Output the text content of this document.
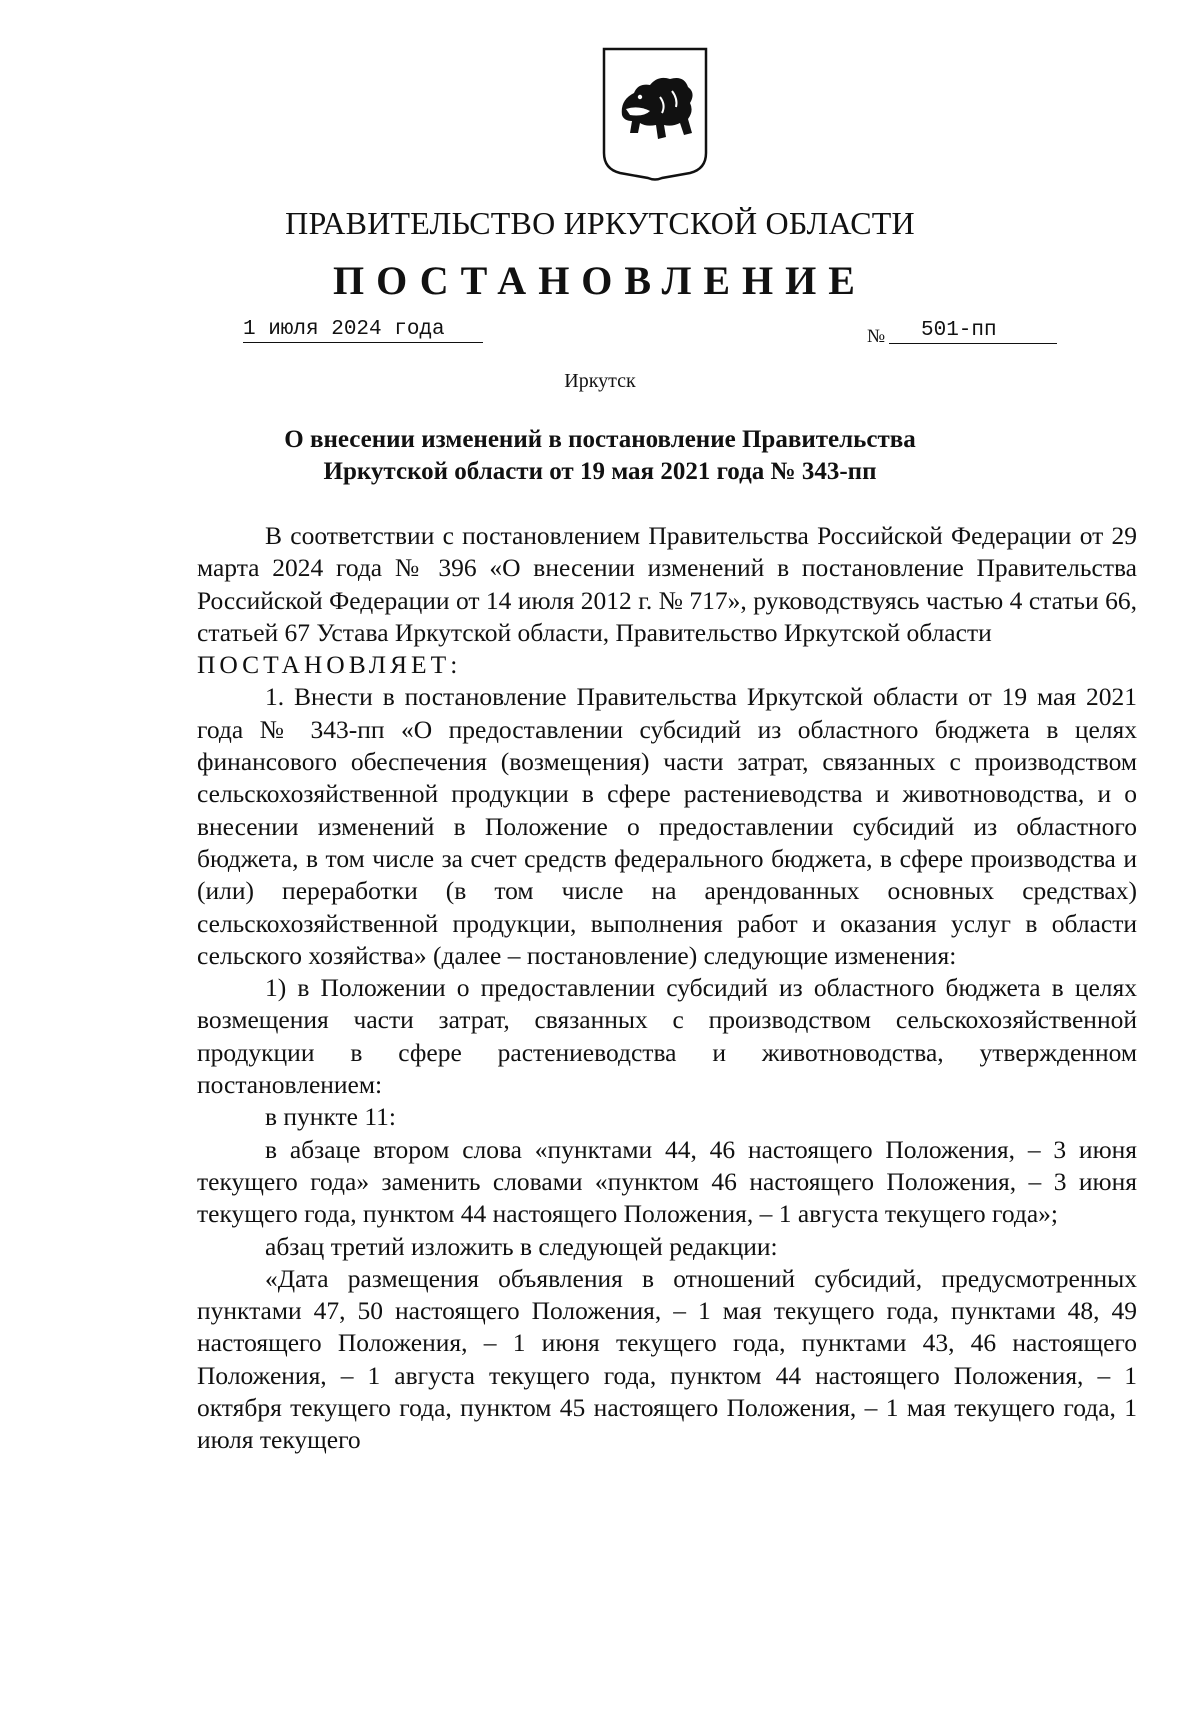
ПРАВИТЕЛЬСТВО ИРКУТСКОЙ ОБЛАСТИ
ПОСТАНОВЛЕНИЕ
1 июля 2024 года	№	501-пп
Иркутск
О внесении изменений в постановление Правительства Иркутской области от 19 мая 2021 года № 343-пп

В соответствии с постановлением Правительства Российской Федерации от 29 марта 2024 года № 396 «О внесении изменений в постановление Правительства Российской Федерации от 14 июля 2012 г. № 717», руководствуясь частью 4 статьи 66, статьей 67 Устава Иркутской области, Правительство Иркутской области

ПОСТАНОВЛЯЕТ:

1. Внести в постановление Правительства Иркутской области от 19 мая 2021 года № 343-пп «О предоставлении субсидий из областного бюджета в целях финансового обеспечения (возмещения) части затрат, связанных с производством сельскохозяйственной продукции в сфере растениеводства и животноводства, и о внесении изменений в Положение о предоставлении субсидий из областного бюджета, в том числе за счет средств федерального бюджета, в сфере производства и (или) переработки (в том числе на арендованных основных средствах) сельскохозяйственной продукции, выполнения работ и оказания услуг в области сельского хозяйства» (далее – постановление) следующие изменения:

1) в Положении о предоставлении субсидий из областного бюджета в целях возмещения части затрат, связанных с производством сельскохозяйственной продукции в сфере растениеводства и животноводства, утвержденном постановлением:

в пункте 11:

в абзаце втором слова «пунктами 44, 46 настоящего Положения, – 3 июня текущего года» заменить словами «пунктом 46 настоящего Положения, – 3 июня текущего года, пунктом 44 настоящего Положения, – 1 августа текущего года»;

абзац третий изложить в следующей редакции:

«Дата размещения объявления в отношений субсидий, предусмотренных пунктами 47, 50 настоящего Положения, – 1 мая текущего года, пунктами 48, 49 настоящего Положения, – 1 июня текущего года, пунктами 43, 46 настоящего Положения, – 1 августа текущего года, пунктом 44 настоящего Положения, – 1 октября текущего года, пунктом 45 настоящего Положения, – 1 мая текущего года, 1 июля текущего
